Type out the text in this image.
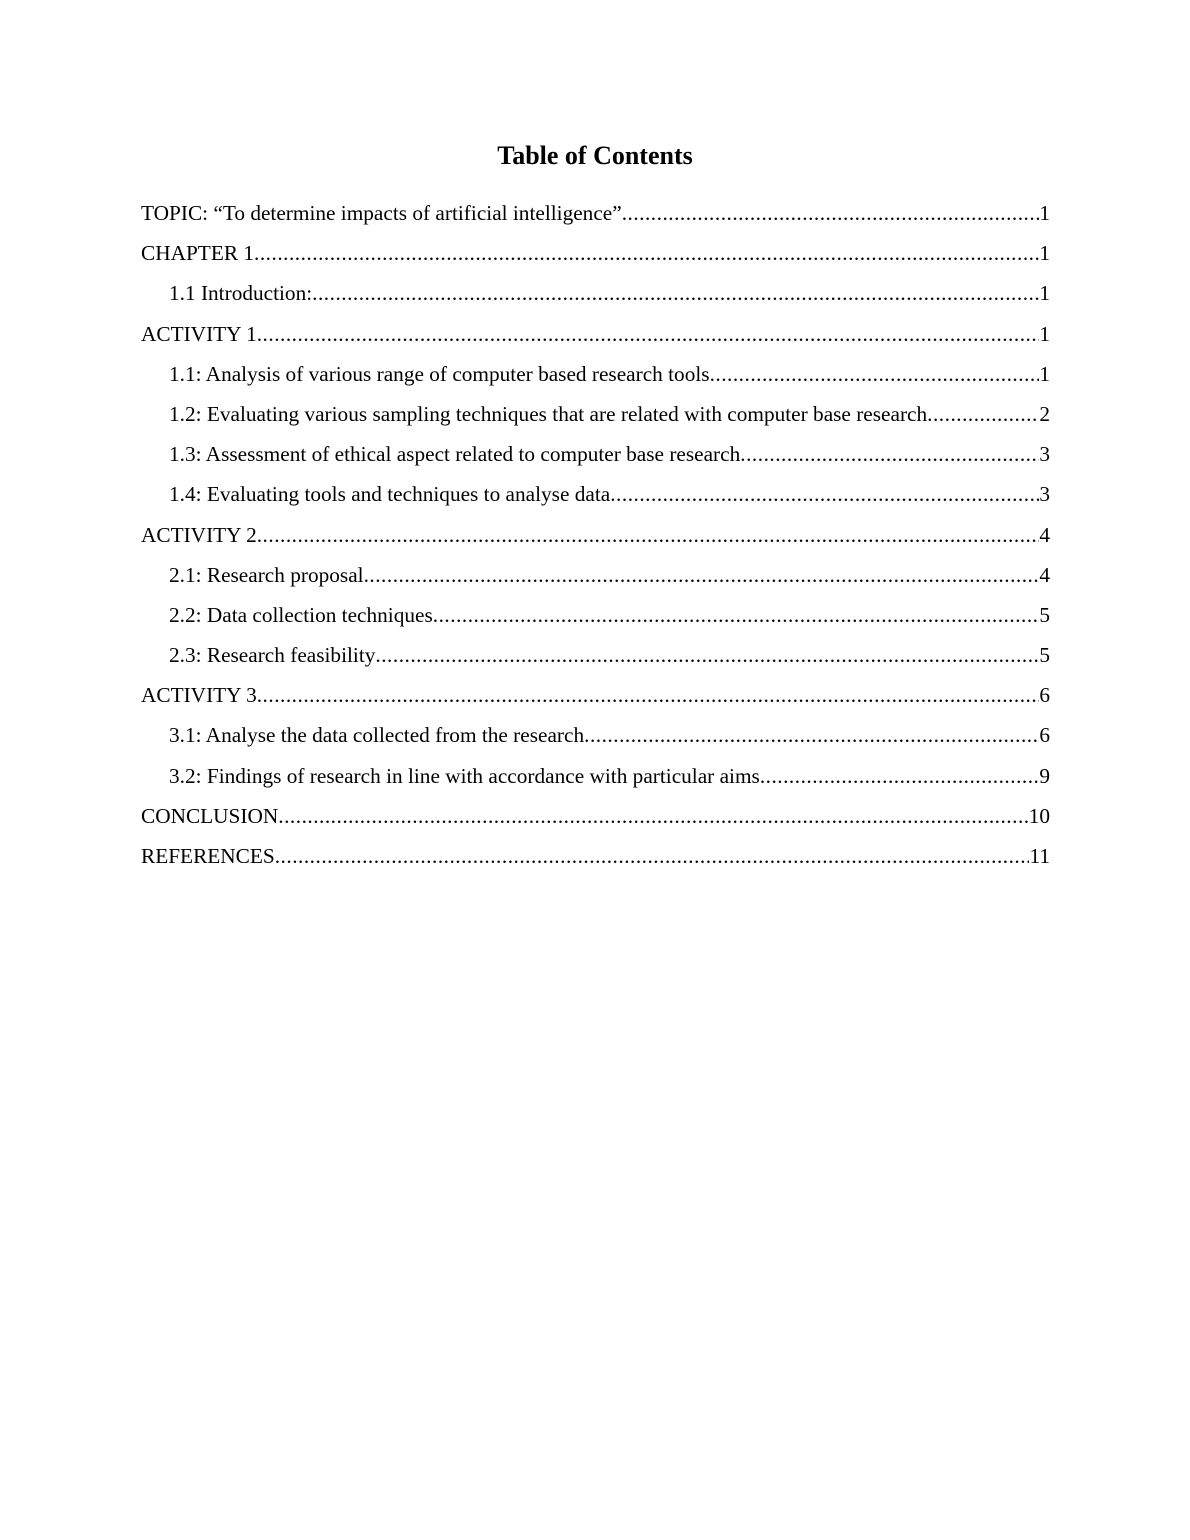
Table of Contents
TOPIC: “To determine impacts of artificial intelligence” .....	1
CHAPTER 1 .....	1
1.1 Introduction: .....	1
ACTIVITY 1 .....	1
1.1: Analysis of various range of computer based research tools .....	1
1.2: Evaluating various sampling techniques that are related with computer base research .....	2
1.3: Assessment of ethical aspect related to computer base research .....	3
1.4: Evaluating tools and techniques to analyse data .....	3
ACTIVITY 2 .....	4
2.1: Research proposal .....	4
2.2: Data collection techniques .....	5
2.3: Research feasibility .....	5
ACTIVITY 3 .....	6
3.1: Analyse the data collected from the research .....	6
3.2: Findings of research in line with accordance with particular aims .....	9
CONCLUSION .....	10
REFERENCES .....	11
